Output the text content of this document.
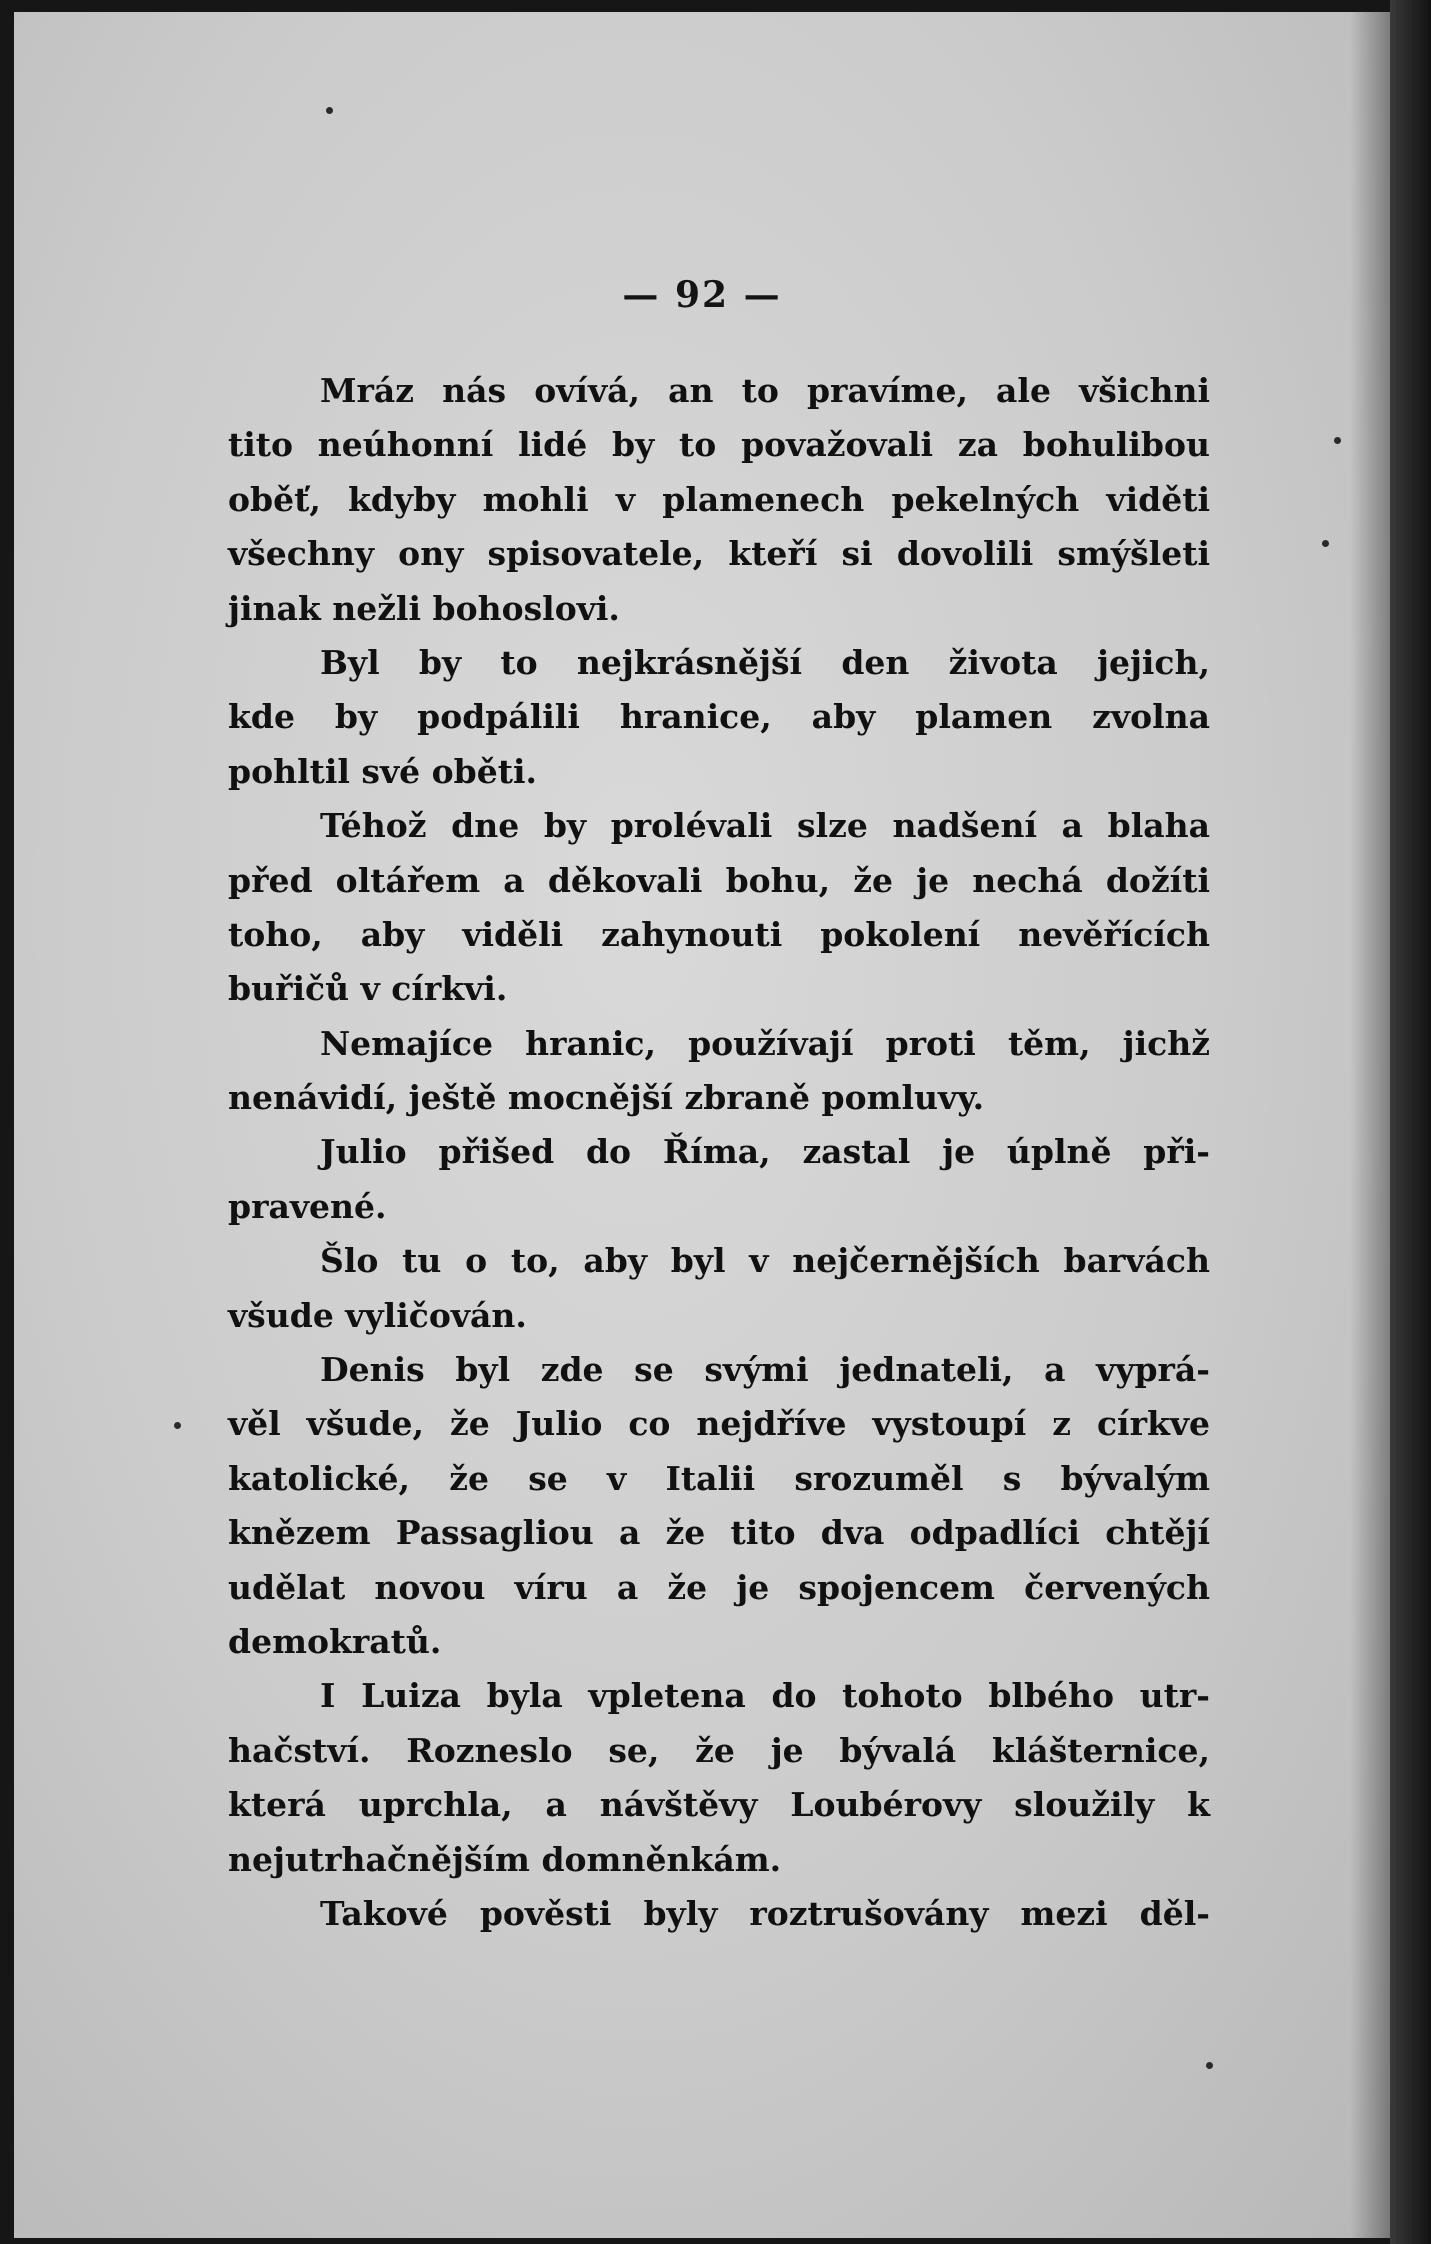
— 92 —
Mráz nás ovívá, an to pravíme, ale všichni
tito neúhonní lidé by to považovali za bohulibou
oběť, kdyby mohli v plamenech pekelných viděti
všechny ony spisovatele, kteří si dovolili smýšleti
jinak nežli bohoslovi.
Byl by to nejkrásnější den života jejich,
kde by podpálili hranice, aby plamen zvolna
pohltil své oběti.
Téhož dne by prolévali slze nadšení a blaha
před oltářem a děkovali bohu, že je nechá dožíti
toho, aby viděli zahynouti pokolení nevěřících
buřičů v církvi.
Nemajíce hranic, používají proti těm, jichž
nenávidí, ještě mocnější zbraně pomluvy.
Julio přišed do Říma, zastal je úplně při-
pravené.
Šlo tu o to, aby byl v nejčernějších barvách
všude vyličován.
Denis byl zde se svými jednateli, a vyprá-
věl všude, že Julio co nejdříve vystoupí z církve
katolické, že se v Italii srozuměl s bývalým
knězem Passagliou a že tito dva odpadlíci chtějí
udělat novou víru a že je spojencem červených
demokratů.
I Luiza byla vpletena do tohoto blbého utr-
hačství. Rozneslo se, že je bývalá klášternice,
která uprchla, a návštěvy Loubérovy sloužily k
nejutrhačnějším domněnkám.
Takové pověsti byly roztrušovány mezi děl-
